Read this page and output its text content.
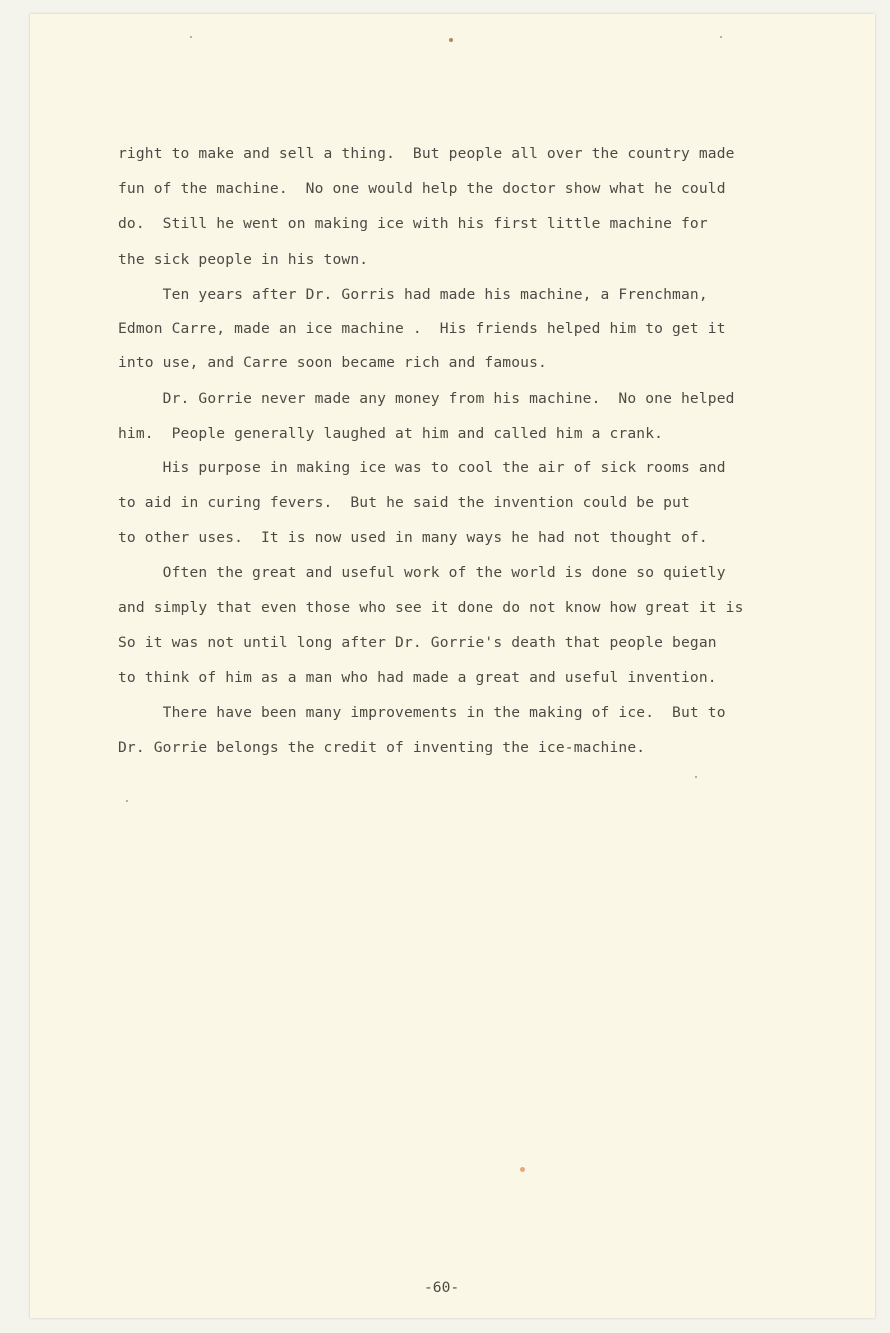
right to make and sell a thing.  But people all over the country made
fun of the machine.  No one would help the doctor show what he could
do.  Still he went on making ice with his first little machine for
the sick people in his town.
Ten years after Dr. Gorris had made his machine, a Frenchman,
Edmon Carre, made an ice machine .  His friends helped him to get it
into use, and Carre soon became rich and famous.
Dr. Gorrie never made any money from his machine.  No one helped
him.  People generally laughed at him and called him a crank.
His purpose in making ice was to cool the air of sick rooms and
to aid in curing fevers.  But he said the invention could be put
to other uses.  It is now used in many ways he had not thought of.
Often the great and useful work of the world is done so quietly
and simply that even those who see it done do not know how great it is
So it was not until long after Dr. Gorrie's death that people began
to think of him as a man who had made a great and useful invention.
There have been many improvements in the making of ice.  But to
Dr. Gorrie belongs the credit of inventing the ice-machine.
-60-
